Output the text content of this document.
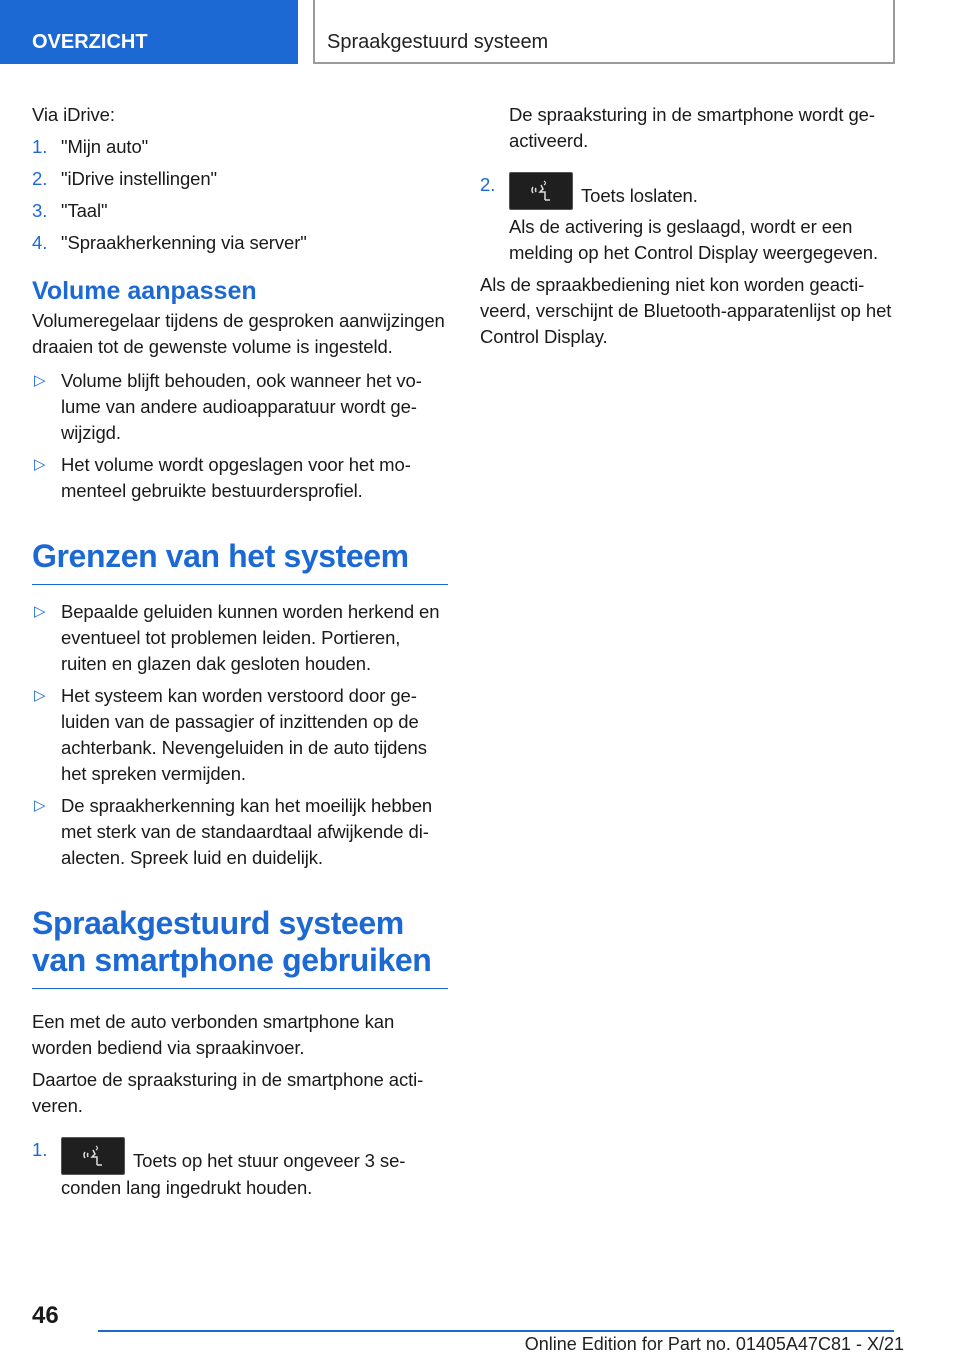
OVERZICHT	Spraakgestuurd systeem

Via iDrive:

1. "Mijn auto"
2. "iDrive instellingen"
3. "Taal"
4. "Spraakherkenning via server"
Volume aanpassen

Volumeregelaar tijdens de gesproken aanwijzingen draaien tot de gewenste volume is ingesteld.

▷ Volume blijft behouden, ook wanneer het volume van andere audioapparatuur wordt gewijzigd.
▷ Het volume wordt opgeslagen voor het momenteel gebruikte bestuurdersprofiel.
Grenzen van het systeem
▷ Bepaalde geluiden kunnen worden herkend en eventueel tot problemen leiden. Portieren, ruiten en glazen dak gesloten houden.
▷ Het systeem kan worden verstoord door geluiden van de passagier of inzittenden op de achterbank. Nevengeluiden in de auto tijdens het spreken vermijden.
▷ De spraakherkenning kan het moeilijk hebben met sterk van de standaardtaal afwijkende dialecten. Spreek luid en duidelijk.
Spraakgestuurd systeem van smartphone gebruiken

Een met de auto verbonden smartphone kan worden bediend via spraakinvoer.

Daartoe de spraaksturing in de smartphone activeren.

1.
Toets op het stuur ongeveer 3 seconden lang ingedrukt houden.

De spraaksturing in de smartphone wordt geactiveerd.

2.
Toets loslaten.
Als de activering is geslaagd, wordt er een melding op het Control Display weergegeven.

Als de spraakbediening niet kon worden geactiveerd, verschijnt de Bluetooth-apparatenlijst op het Control Display.

46
Online Edition for Part no. 01405A47C81 - X/21
